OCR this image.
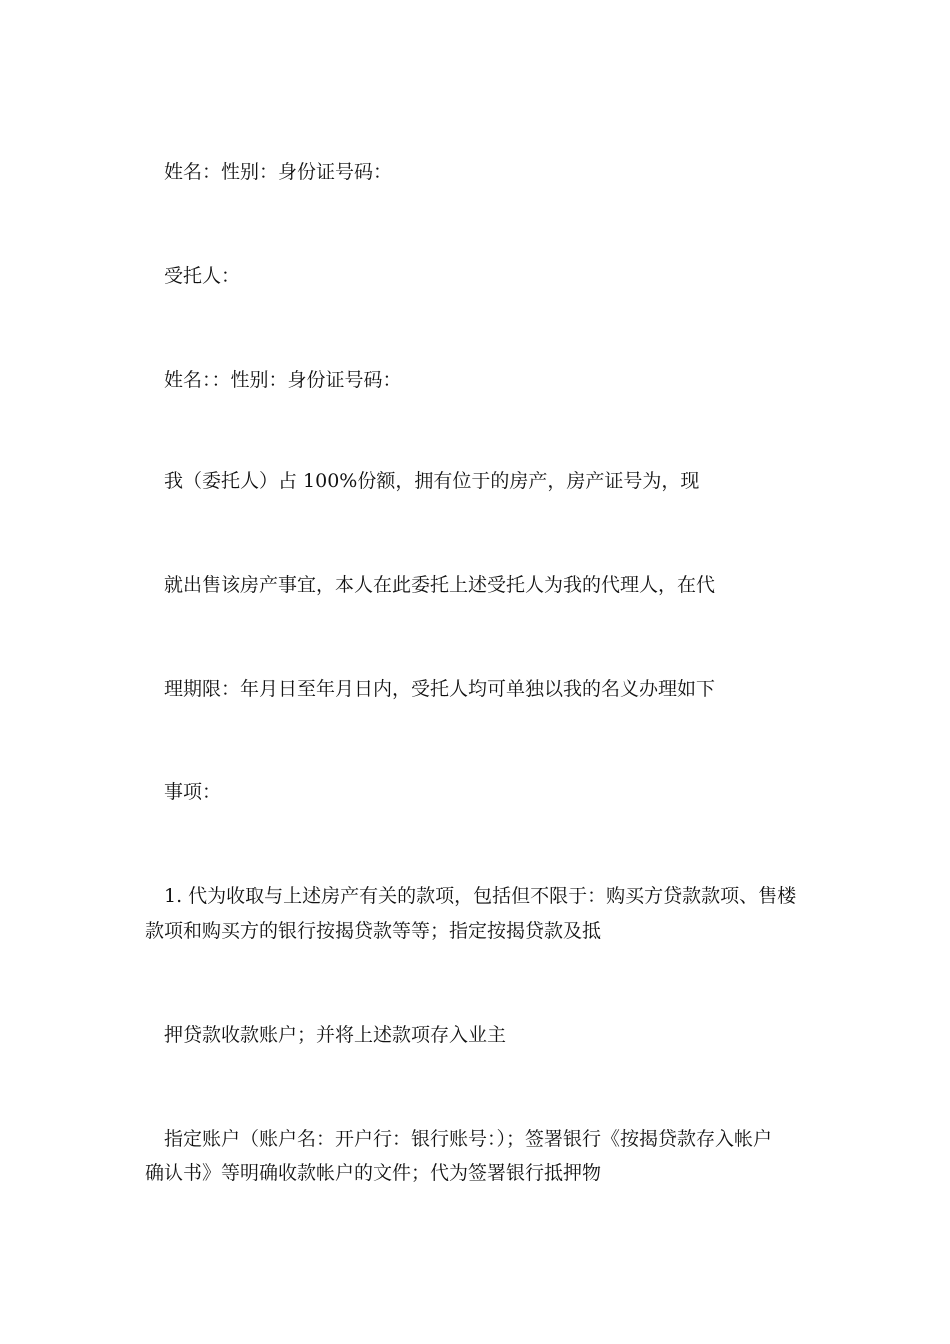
姓名：性别：身份证号码：

受托人：

姓名：：性别：身份证号码：

我（委托人）占 100%份额，拥有位于的房产，房产证号为，现

就出售该房产事宜，本人在此委托上述受托人为我的代理人，在代

理期限：年月日至年月日内，受托人均可单独以我的名义办理如下

事项：

1. 代为收取与上述房产有关的款项，包括但不限于：购买方贷款款项、售楼

款项和购买方的银行按揭贷款等等；指定按揭贷款及抵

押贷款收款账户；并将上述款项存入业主

指定账户（账户名：开户行：银行账号：）；签署银行《按揭贷款存入帐户

确认书》等明确收款帐户的文件；代为签署银行抵押物
